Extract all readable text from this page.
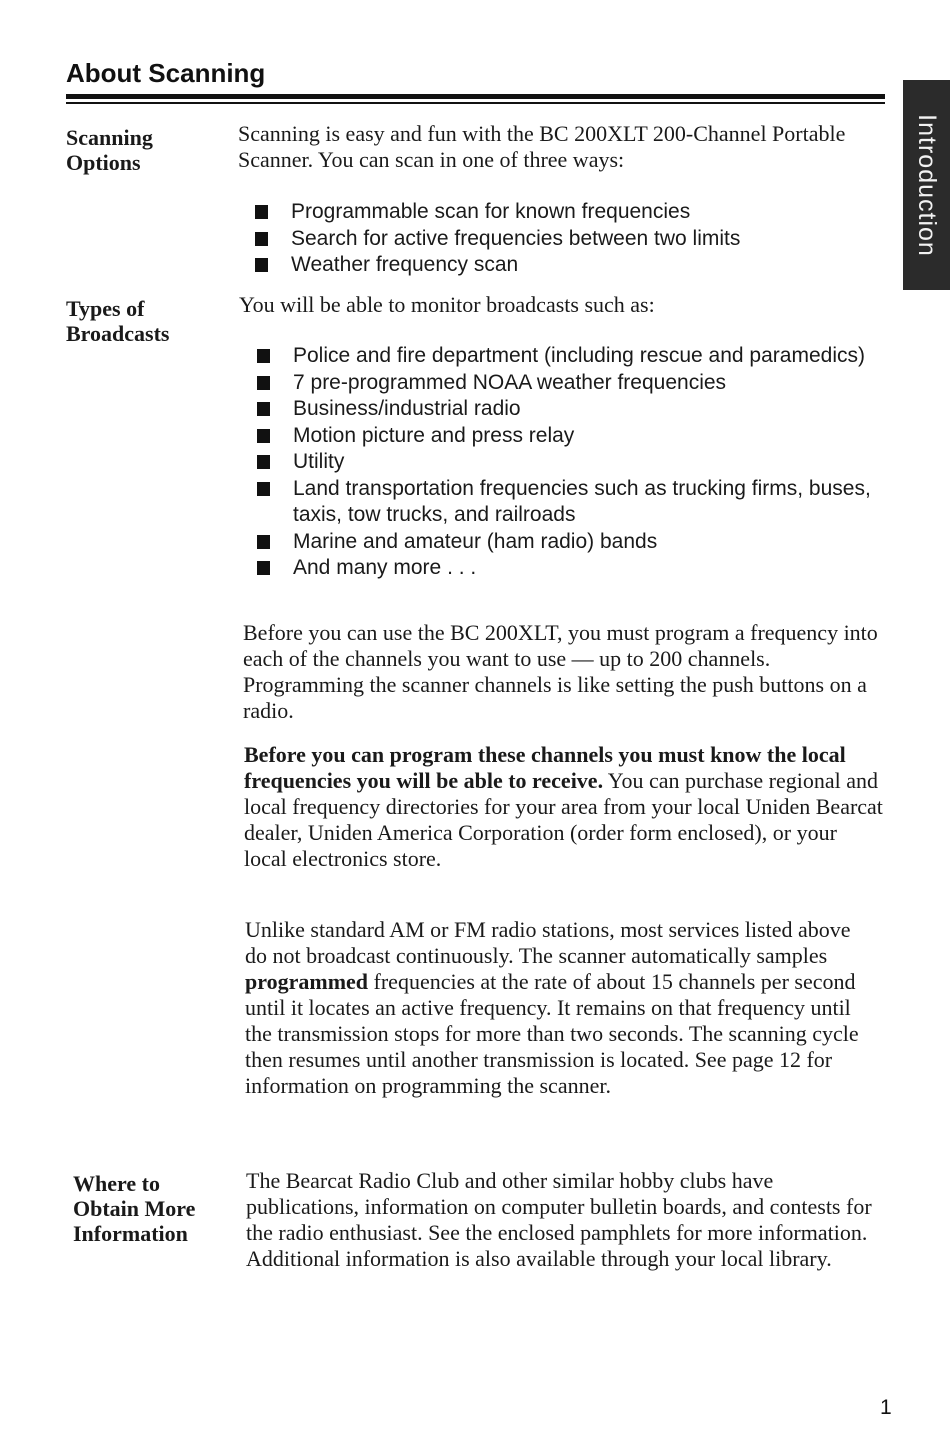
About Scanning
Introduction
Scanning
Options

Scanning is easy and fun with the BC 200XLT 200-Channel Portable Scanner. You can scan in one of three ways:

Programmable scan for known frequencies
Search for active frequencies between two limits
Weather frequency scan
Types of
Broadcasts

You will be able to monitor broadcasts such as:

Police and fire department (including rescue and paramedics)
7 pre-programmed NOAA weather frequencies
Business/industrial radio
Motion picture and press relay
Utility
Land transportation frequencies such as trucking firms, buses, taxis, tow trucks, and railroads
Marine and amateur (ham radio) bands
And many more . . .

Before you can use the BC 200XLT, you must program a frequency into each of the channels you want to use — up to 200 channels. Programming the scanner channels is like setting the push buttons on a radio.

Before you can program these channels you must know the local frequencies you will be able to receive. You can purchase regional and local frequency directories for your area from your local Uniden Bearcat dealer, Uniden America Corporation (order form enclosed), or your local electronics store.

Unlike standard AM or FM radio stations, most services listed above do not broadcast continuously. The scanner automatically samples programmed frequencies at the rate of about 15 channels per second until it locates an active frequency. It remains on that frequency until the transmission stops for more than two seconds. The scanning cycle then resumes until another transmission is located. See page 12 for information on programming the scanner.

Where to
Obtain More
Information

The Bearcat Radio Club and other similar hobby clubs have publications, information on computer bulletin boards, and contests for the radio enthusiast. See the enclosed pamphlets for more information. Additional information is also available through your local library.

1
